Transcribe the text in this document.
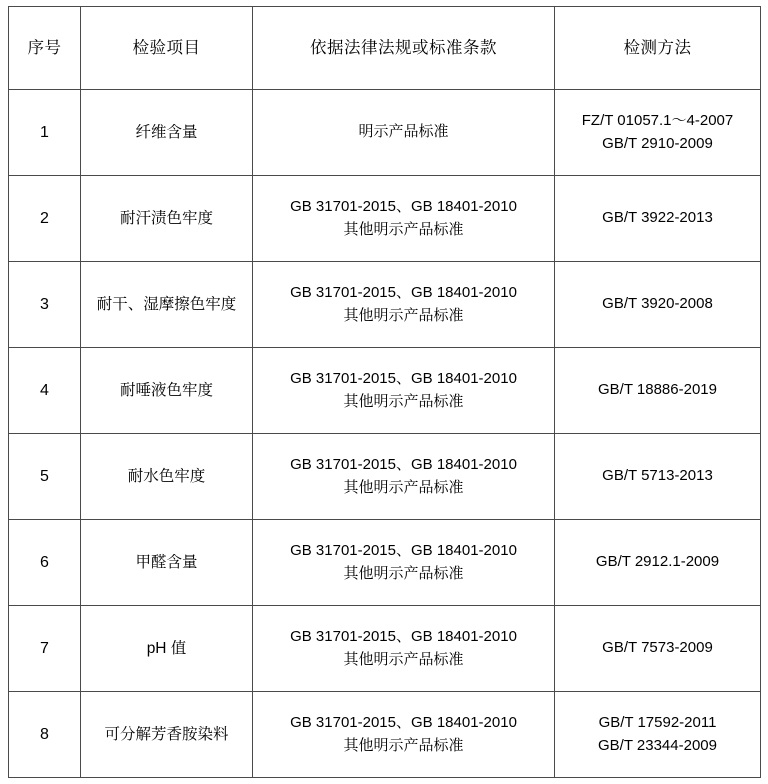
序号	检验项目	依据法律法规或标准条款	检测方法
1	纤维含量	明示产品标准	FZ/T 01057.1～4-2007
GB/T 2910-2009

2	耐汗渍色牢度	GB 31701-2015、GB 18401-2010
其他明示产品标准	GB/T 3922-2013

3	耐干、湿摩擦色牢度	GB 31701-2015、GB 18401-2010
其他明示产品标准	GB/T 3920-2008

4	耐唾液色牢度	GB 31701-2015、GB 18401-2010
其他明示产品标准	GB/T 18886-2019

5	耐水色牢度	GB 31701-2015、GB 18401-2010
其他明示产品标准	GB/T 5713-2013

6	甲醛含量	GB 31701-2015、GB 18401-2010
其他明示产品标准	GB/T 2912.1-2009

7	pH 值	GB 31701-2015、GB 18401-2010
其他明示产品标准	GB/T 7573-2009

8	可分解芳香胺染料	GB 31701-2015、GB 18401-2010
其他明示产品标准	GB/T 17592-2011
GB/T 23344-2009
